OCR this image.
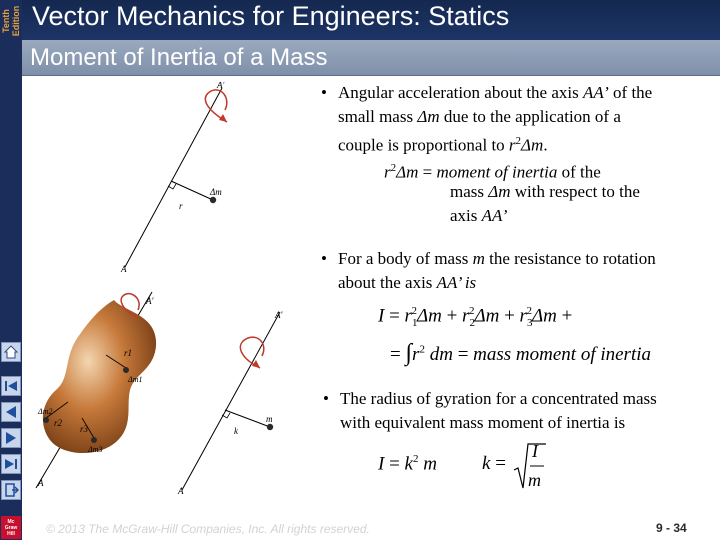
Tenth
Edition Vector Mechanics for Engineers: Statics
Moment of Inertia of a Mass
Mc
Graw
Hill
A′
A
r
Δm
A′
A
r1
r2
r3
Δm1
Δm2
Δm3
A′
A
k
m
• Angular acceleration about the axis AA’ of the
small mass Δm due to the application of a
couple is proportional to $r^2\Delta m$.
$r^2\Delta m$ = moment of inertia of the
mass Δm with respect to the
axis AA’
• For a body of mass m the resistance to rotation
about the axis AA’ is
$I = r_1^2\Delta m + r_2^2\Delta m + r_3^2\Delta m$ + ⃞
= $\int r^2$ dm = mass moment of inertia
• The radius of gyration for a concentrated mass
with equivalent mass moment of inertia is
$I = k^2$ m k =
I
m
© 2013 The McGraw-Hill Companies, Inc. All rights reserved.	9 - 34
